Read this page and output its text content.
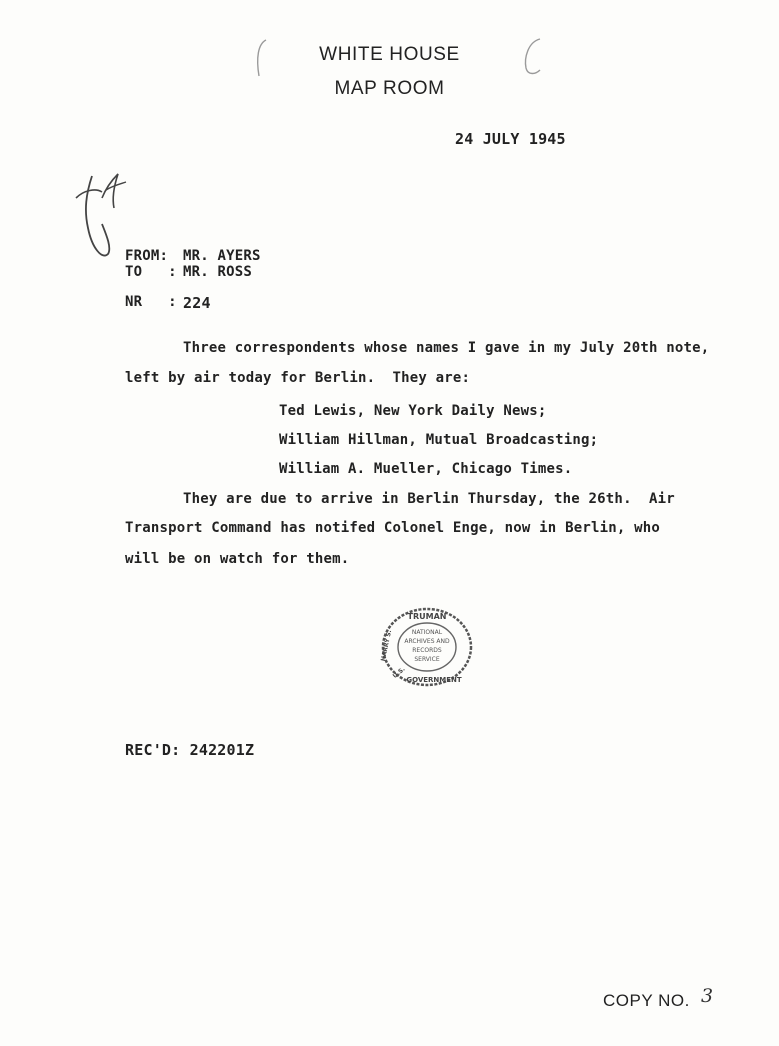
WHITE HOUSE
MAP ROOM
24 JULY 1945
FROM: MR. AYERS
TO   : MR. ROSS
NR   : 224
Three correspondents whose names I gave in my July 20th note,
left by air today for Berlin.  They are:
Ted Lewis, New York Daily News;
William Hillman, Mutual Broadcasting;
William A. Mueller, Chicago Times.
They are due to arrive in Berlin Thursday, the 26th.  Air
Transport Command has notifed Colonel Enge, now in Berlin, who
will be on watch for them.
TRUMAN
HARRY S.	NATIONAL
ARCHIVES AND
RECORDS
SERVICE
GOVERNMENT
U.S.
REC'D: 242201Z
COPY NO. 3
